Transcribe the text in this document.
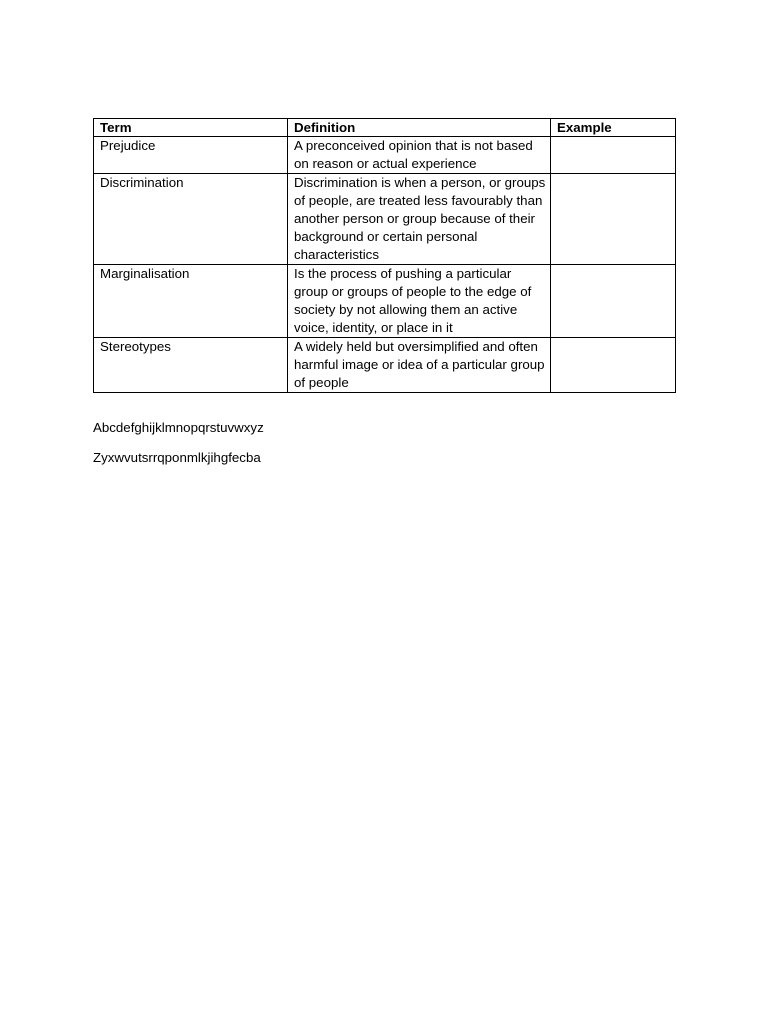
Term	Definition	Example
Prejudice	A preconceived opinion that is not based on reason or actual experience	
Discrimination	Discrimination is when a person, or groups of people, are treated less favourably than another person or group because of their background or certain personal characteristics	
Marginalisation	Is the process of pushing a particular group or groups of people to the edge of society by not allowing them an active voice, identity, or place in it	
Stereotypes	A widely held but oversimplified and often harmful image or idea of a particular group of people	
Abcdefghijklmnopqrstuvwxyz
Zyxwvutsrrqponmlkjihgfecba
